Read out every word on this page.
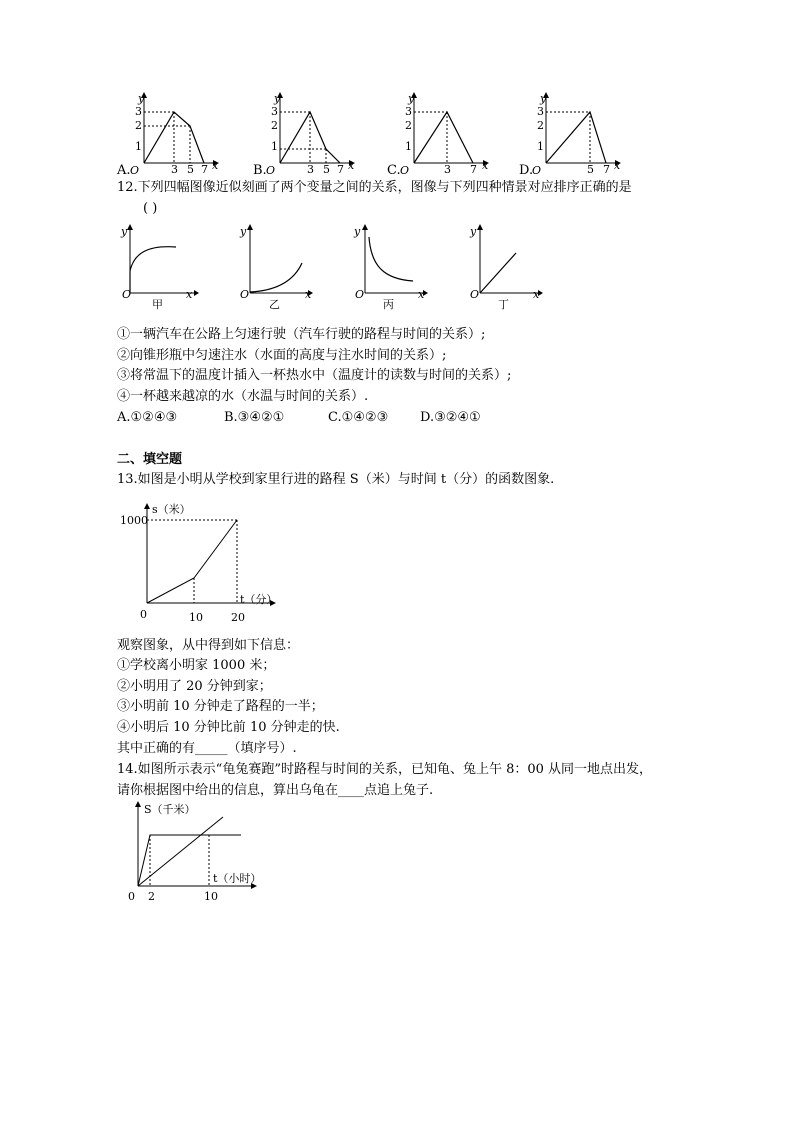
y
3
2
1
3 5 7 x
A. O
y
3
2
1
3 5 7 x
B. O
y
3
2
1
3 7 x
C. O
y
3
2
1
5 7 x
D.
O
12.下列四幅图像近似刻画了两个变量之间的关系，图像与下列四种情景对应排序正确的是
( )
y
O	x
甲
y
O	x
乙
y
O	x
丙
y
O	x
丁
①一辆汽车在公路上匀速行驶（汽车行驶的路程与时间的关系）;
②向锥形瓶中匀速注水（水面的高度与注水时间的关系）;
③将常温下的温度计插入一杯热水中（温度计的读数与时间的关系）;
④一杯越来越凉的水（水温与时间的关系）.
A.①②④③	B.③④②①	C.①④②③ D.③②④①
二、填空题
13.如图是小明从学校到家里行进的路程 S（米）与时间 t（分）的函数图象.
s（米）
1000
t（分）
0	10	20
观察图象，从中得到如下信息：
①学校离小明家 1000 米；
②小明用了 20 分钟到家；
③小明前 10 分钟走了路程的一半；
④小明后 10 分钟比前 10 分钟走的快.
其中正确的有_____（填序号）.
14.如图所示表示“龟兔赛跑”时路程与时间的关系，已知龟、兔上午 8：00 从同一地点出发，
请你根据图中给出的信息，算出乌龟在____点追上兔子.
S（千米）
t（小时）
0 2	10
